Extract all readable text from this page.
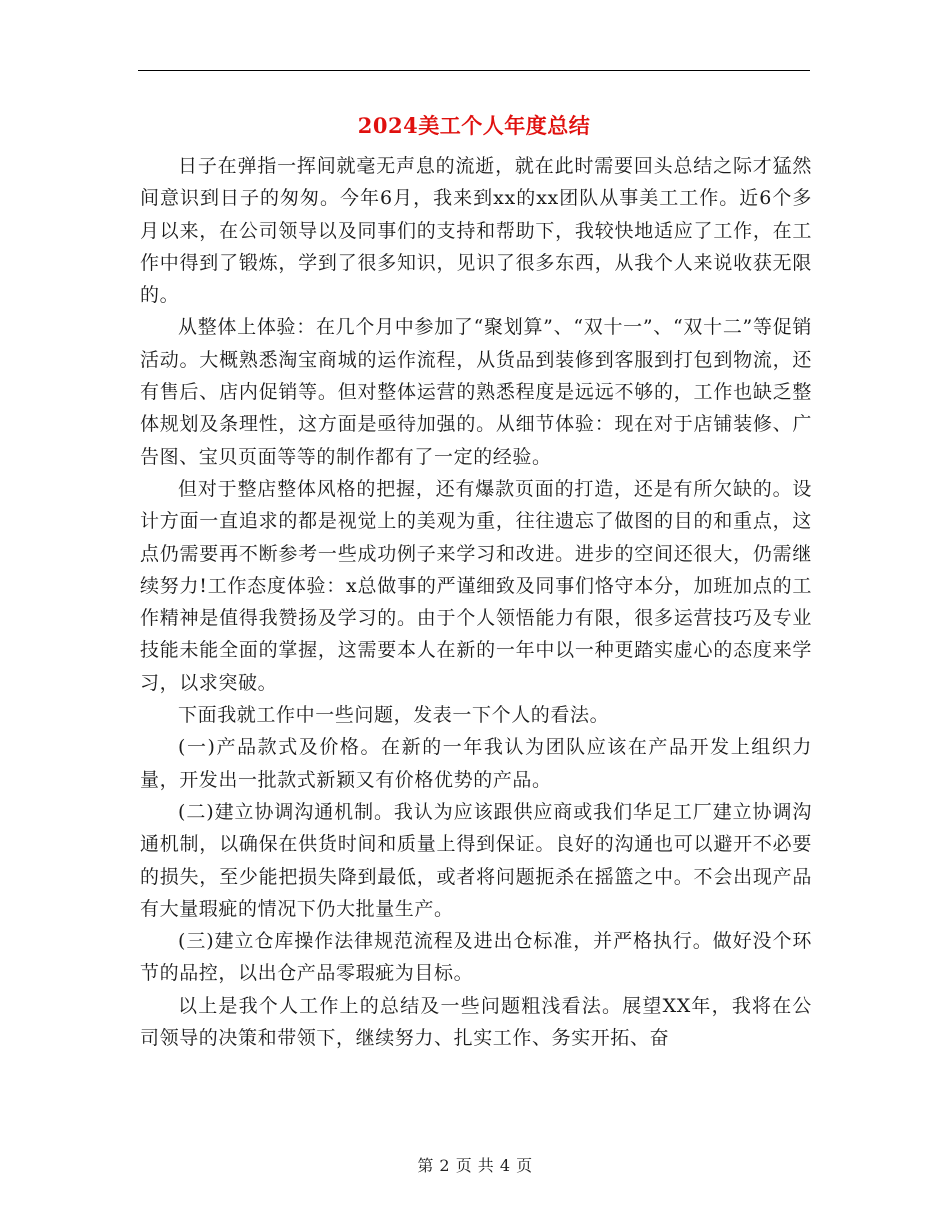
2024美工个人年度总结

日子在弹指一挥间就毫无声息的流逝，就在此时需要回头总结之际才猛然间意识到日子的匆匆。今年6月，我来到xx的xx团队从事美工工作。近6个多月以来，在公司领导以及同事们的支持和帮助下，我较快地适应了工作，在工作中得到了锻炼，学到了很多知识，见识了很多东西，从我个人来说收获无限的。

从整体上体验：在几个月中参加了“聚划算”、“双十一”、“双十二”等促销活动。大概熟悉淘宝商城的运作流程，从货品到装修到客服到打包到物流，还有售后、店内促销等。但对整体运营的熟悉程度是远远不够的，工作也缺乏整体规划及条理性，这方面是亟待加强的。从细节体验：现在对于店铺装修、广告图、宝贝页面等等的制作都有了一定的经验。

但对于整店整体风格的把握，还有爆款页面的打造，还是有所欠缺的。设计方面一直追求的都是视觉上的美观为重，往往遗忘了做图的目的和重点，这点仍需要再不断参考一些成功例子来学习和改进。进步的空间还很大，仍需继续努力!工作态度体验：x总做事的严谨细致及同事们恪守本分，加班加点的工作精神是值得我赞扬及学习的。由于个人领悟能力有限，很多运营技巧及专业技能未能全面的掌握，这需要本人在新的一年中以一种更踏实虚心的态度来学习，以求突破。

下面我就工作中一些问题，发表一下个人的看法。

(一)产品款式及价格。在新的一年我认为团队应该在产品开发上组织力量，开发出一批款式新颖又有价格优势的产品。

(二)建立协调沟通机制。我认为应该跟供应商或我们华足工厂建立协调沟通机制，以确保在供货时间和质量上得到保证。良好的沟通也可以避开不必要的损失，至少能把损失降到最低，或者将问题扼杀在摇篮之中。不会出现产品有大量瑕疵的情况下仍大批量生产。

(三)建立仓库操作法律规范流程及进出仓标准，并严格执行。做好没个环节的品控，以出仓产品零瑕疵为目标。

以上是我个人工作上的总结及一些问题粗浅看法。展望XX年，我将在公司领导的决策和带领下，继续努力、扎实工作、务实开拓、奋

第 2 页 共 4 页
